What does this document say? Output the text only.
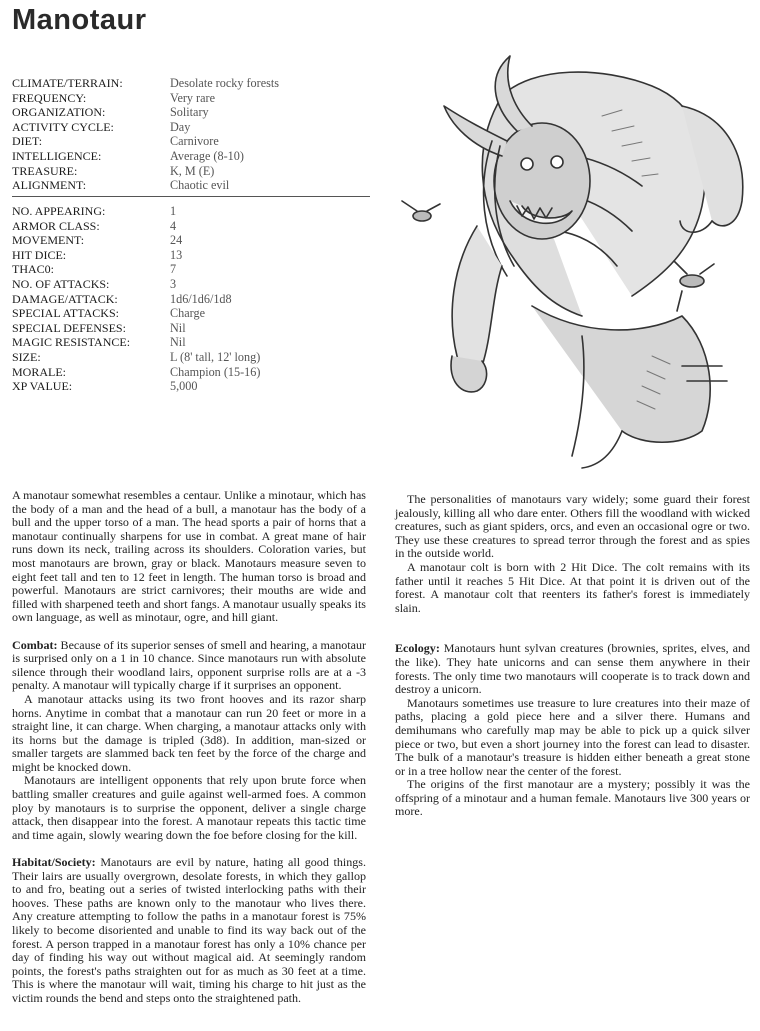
Manotaur
CLIMATE/TERRAIN:	Desolate rocky forests
FREQUENCY:	Very rare
ORGANIZATION:	Solitary
ACTIVITY CYCLE:	Day
DIET:	Carnivore
INTELLIGENCE:	Average (8-10)
TREASURE:	K, M (E)
ALIGNMENT:	Chaotic evil
NO. APPEARING:	1
ARMOR CLASS:	4
MOVEMENT:	24
HIT DICE:	13
THAC0:	7
NO. OF ATTACKS:	3
DAMAGE/ATTACK:	1d6/1d6/1d8
SPECIAL ATTACKS:	Charge
SPECIAL DEFENSES:	Nil
MAGIC RESISTANCE:	Nil
SIZE:	L (8' tall, 12' long)
MORALE:	Champion (15-16)
XP VALUE:	5,000

A manotaur somewhat resembles a centaur. Unlike a minotaur, which has the body of a man and the head of a bull, a manotaur has the body of a bull and the upper torso of a man. The head sports a pair of horns that a manotaur continually sharpens for use in combat. A great mane of hair runs down its neck, trailing across its shoulders. Coloration varies, but most manotaurs are brown, gray or black. Manotaurs measure seven to eight feet tall and ten to 12 feet in length. The human torso is broad and powerful. Manotaurs are strict carnivores; their mouths are wide and filled with sharpened teeth and short fangs. A manotaur usually speaks its own language, as well as minotaur, ogre, and hill giant.

Combat: Because of its superior senses of smell and hearing, a manotaur is surprised only on a 1 in 10 chance. Since manotaurs run with absolute silence through their woodland lairs, opponent surprise rolls are at a -3 penalty. A manotaur will typically charge if it surprises an opponent.

A manotaur attacks using its two front hooves and its razor sharp horns. Anytime in combat that a manotaur can run 20 feet or more in a straight line, it can charge. When charging, a manotaur attacks only with its horns but the damage is tripled (3d8). In addition, man-sized or smaller targets are slammed back ten feet by the force of the charge and might be knocked down.

Manotaurs are intelligent opponents that rely upon brute force when battling smaller creatures and guile against well-armed foes. A common ploy by manotaurs is to surprise the opponent, deliver a single charge attack, then disappear into the forest. A manotaur repeats this tactic time and time again, slowly wearing down the foe before closing for the kill.

Habitat/Society: Manotaurs are evil by nature, hating all good things. Their lairs are usually overgrown, desolate forests, in which they gallop to and fro, beating out a series of twisted interlocking paths with their hooves. These paths are known only to the manotaur who lives there. Any creature attempting to follow the paths in a manotaur forest is 75% likely to become disoriented and unable to find its way back out of the forest. A person trapped in a manotaur forest has only a 10% chance per day of finding his way out without magical aid. At seemingly random points, the forest's paths straighten out for as much as 30 feet at a time. This is where the manotaur will wait, timing his charge to hit just as the victim rounds the bend and steps onto the straightened path.

The personalities of manotaurs vary widely; some guard their forest jealously, killing all who dare enter. Others fill the woodland with wicked creatures, such as giant spiders, orcs, and even an occasional ogre or two. They use these creatures to spread terror through the forest and as spies in the outside world.

A manotaur colt is born with 2 Hit Dice. The colt remains with its father until it reaches 5 Hit Dice. At that point it is driven out of the forest. A manotaur colt that reenters its father's forest is immediately slain.

Ecology: Manotaurs hunt sylvan creatures (brownies, sprites, elves, and the like). They hate unicorns and can sense them anywhere in their forests. The only time two manotaurs will cooperate is to track down and destroy a unicorn.

Manotaurs sometimes use treasure to lure creatures into their maze of paths, placing a gold piece here and a silver there. Humans and demihumans who carefully map may be able to pick up a quick silver piece or two, but even a short journey into the forest can lead to disaster. The bulk of a manotaur's treasure is hidden either beneath a great stone or in a tree hollow near the center of the forest.

The origins of the first manotaur are a mystery; possibly it was the offspring of a minotaur and a human female. Manotaurs live 300 years or more.
